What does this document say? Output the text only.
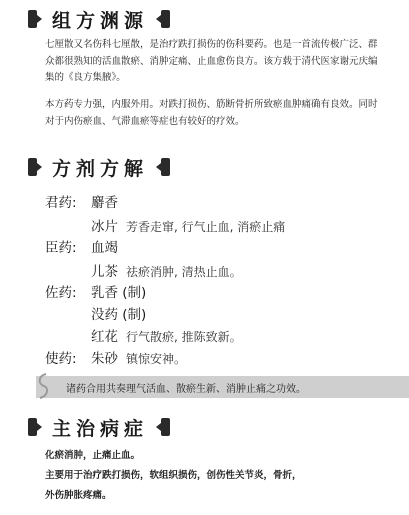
组方渊源

七厘散又名伤科七厘散，是治疗跌打损伤的伤科要药。也是一首流传极广泛、群众都很熟知的活血散瘀、消肿定痛、止血愈伤良方。该方载于清代医家谢元庆编集的《良方集腋》。

本方药专力强，内服外用。对跌打损伤、筋断骨折所致瘀血肿痛确有良效。同时对于内伤瘀血、气滞血瘀等症也有较好的疗效。

方剂方解
君药:	麝香
冰片 芳香走窜, 行气止血, 消瘀止痛
臣药:	血竭
儿茶 祛瘀消肿, 清热止血。
佐药:	乳香 (制)
没药 (制)
红花 行气散瘀, 推陈致新。
使药:	朱砂 镇惊安神。

诸药合用共奏理气活血、散瘀生新、消肿止痛之功效。

主治病症

化瘀消肿，止痛止血。

主要用于治疗跌打损伤，软组织损伤，创伤性关节炎，骨折，

外伤肿胀疼痛。
